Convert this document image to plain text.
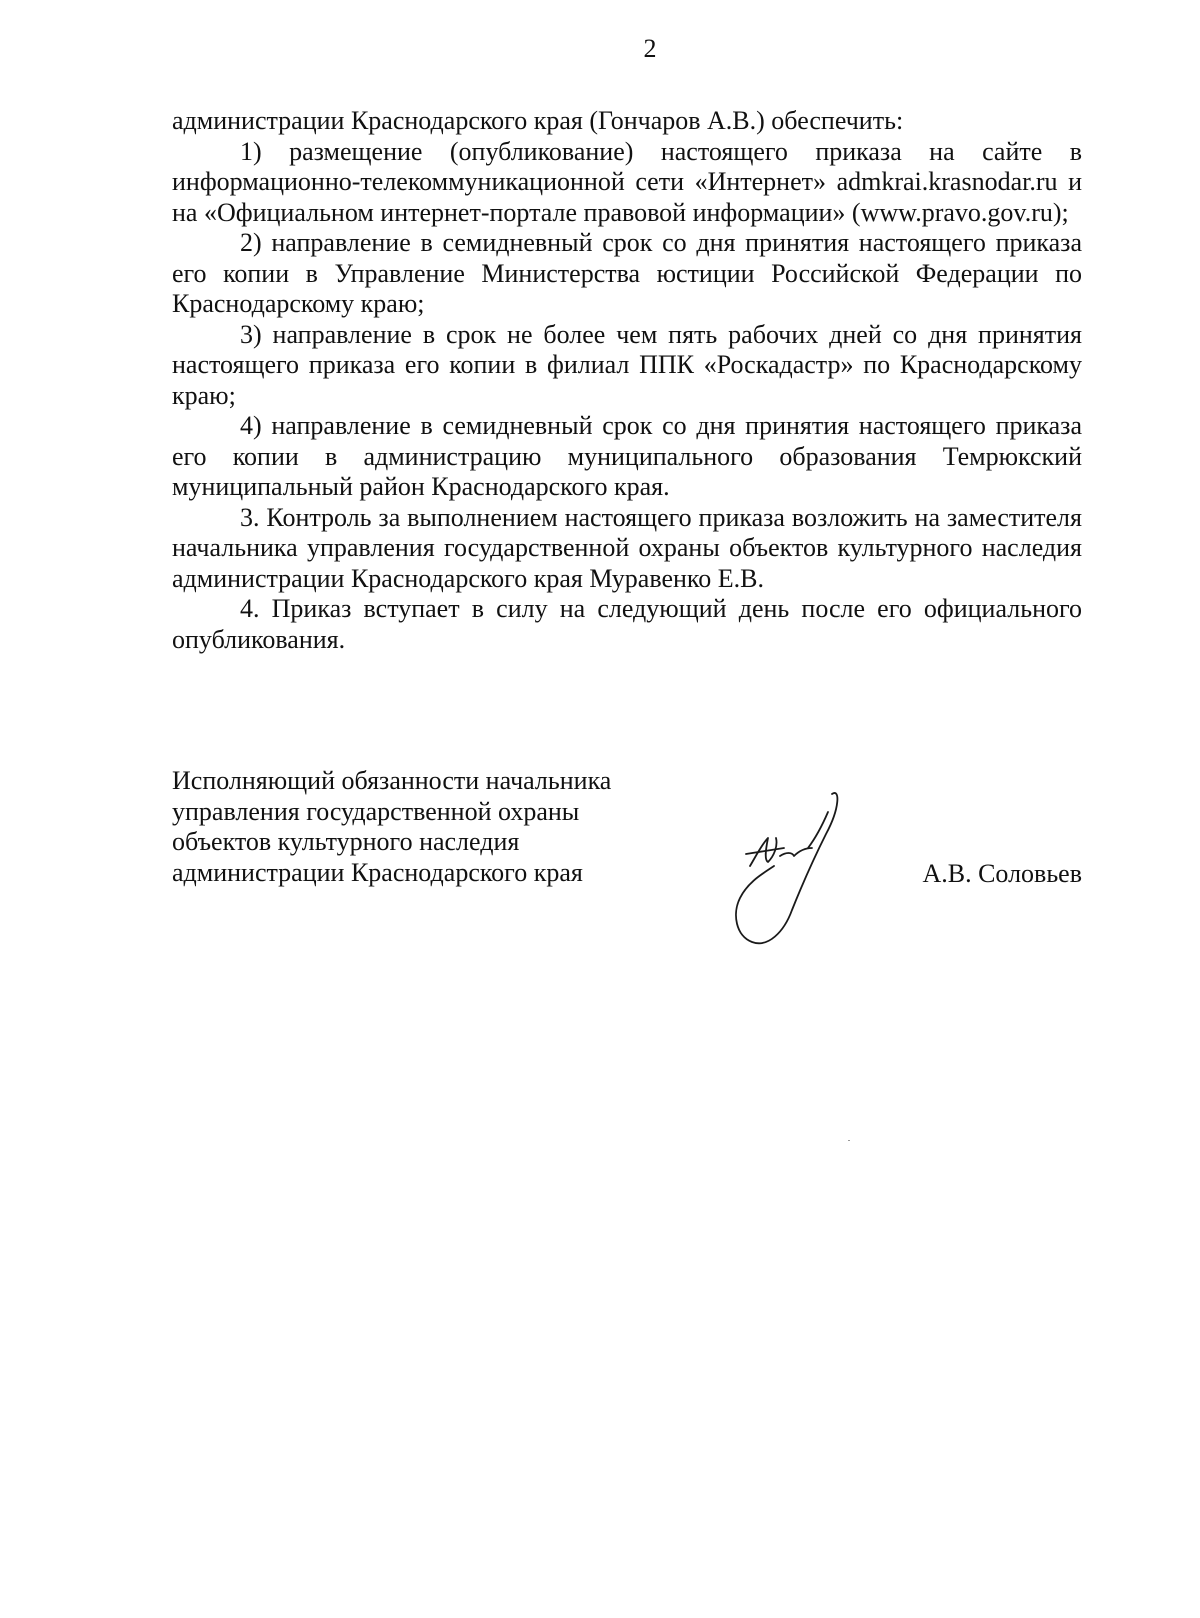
2

администрации Краснодарского края (Гончаров А.В.) обеспечить:

1) размещение (опубликование) настоящего приказа на сайте в информационно-телекоммуникационной сети «Интернет» admkrai.krasnodar.ru и на «Официальном интернет-портале правовой информации» (www.pravo.gov.ru);

2) направление в семидневный срок со дня принятия настоящего приказа его копии в Управление Министерства юстиции Российской Федерации по Краснодарскому краю;

3) направление в срок не более чем пять рабочих дней со дня принятия настоящего приказа его копии в филиал ППК «Роскадастр» по Краснодарскому краю;

4) направление в семидневный срок со дня принятия настоящего приказа его копии в администрацию муниципального образования Темрюкский муниципальный район Краснодарского края.

3. Контроль за выполнением настоящего приказа возложить на заместителя начальника управления государственной охраны объектов культурного наследия администрации Краснодарского края Муравенко Е.В.

4. Приказ вступает в силу на следующий день после его официального опубликования.

Исполняющий обязанности начальника
управления государственной охраны
объектов культурного наследия
администрации Краснодарского края	А.В. Соловьев
